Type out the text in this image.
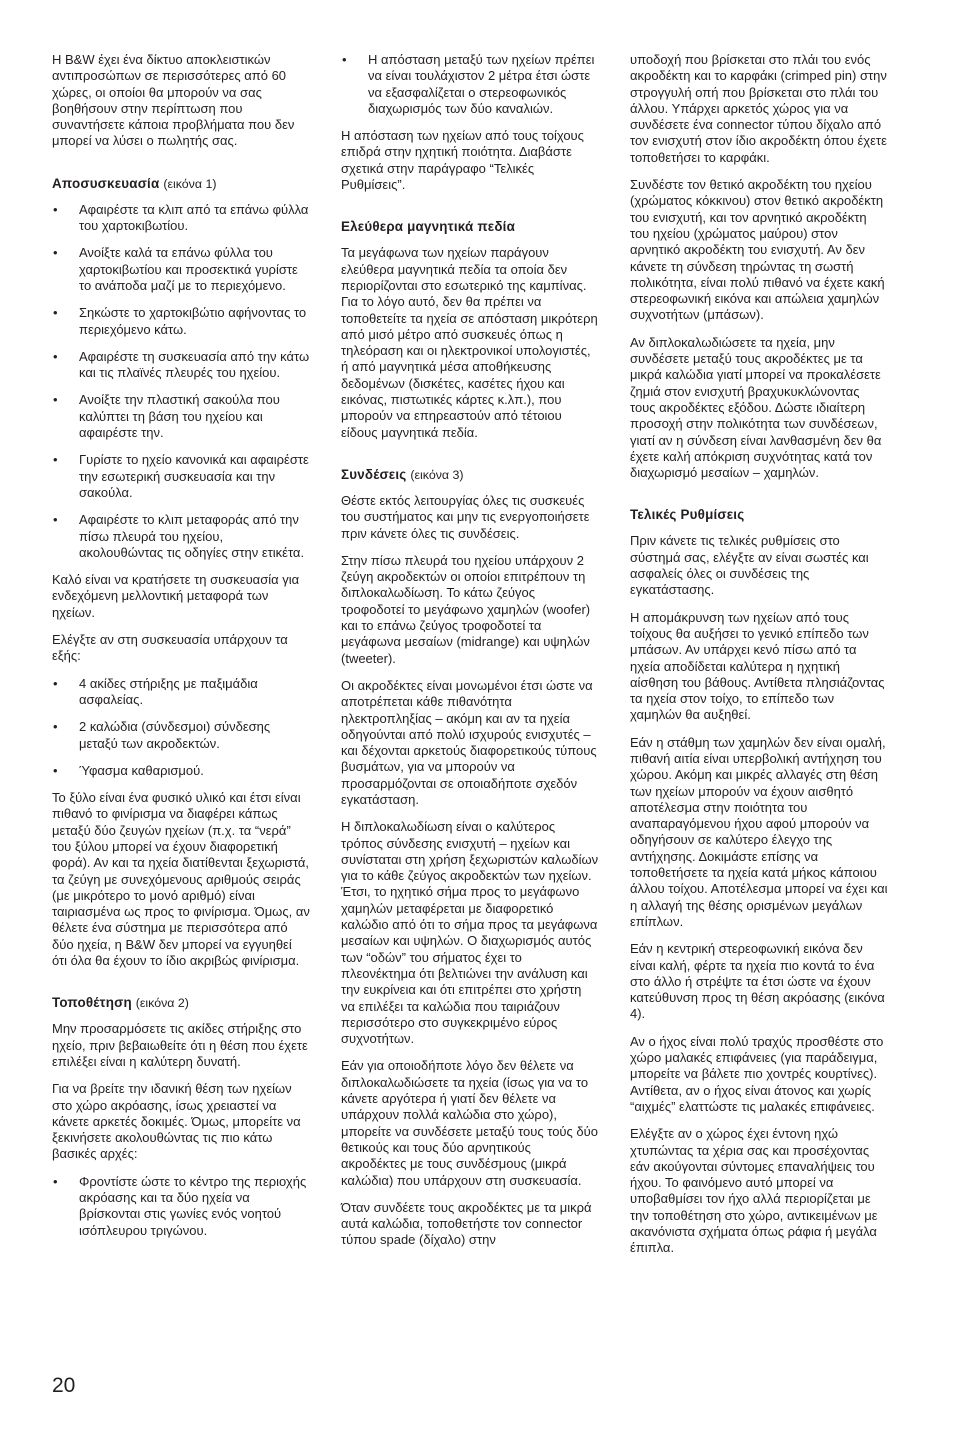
Η B&W έχει ένα δίκτυο αποκλειστικών αντιπροσώπων σε περισσότερες από 60 χώρες, οι οποίοι θα μπορούν να σας βοηθήσουν στην περίπτωση που συναντήσετε κάποια προβλήματα που δεν μπορεί να λύσει ο πωλητής σας.

Αποσυσκευασία (εικόνα 1)
• Αφαιρέστε τα κλιπ από τα επάνω φύλλα του χαρτοκιβωτίου.
• Ανοίξτε καλά τα επάνω φύλλα του χαρτοκιβωτίου και προσεκτικά γυρίστε το ανάποδα μαζί με το περιεχόμενο.
• Σηκώστε το χαρτοκιβώτιο αφήνοντας το περιεχόμενο κάτω.
• Αφαιρέστε τη συσκευασία από την κάτω και τις πλαϊνές πλευρές του ηχείου.
• Ανοίξτε την πλαστική σακούλα που καλύπτει τη βάση του ηχείου και αφαιρέστε την.
• Γυρίστε το ηχείο κανονικά και αφαιρέστε την εσωτερική συσκευασία και την σακούλα.
• Αφαιρέστε το κλιπ μεταφοράς από την πίσω πλευρά του ηχείου, ακολουθώντας τις οδηγίες στην ετικέτα.

Καλό είναι να κρατήσετε τη συσκευασία για ενδεχόμενη μελλοντική μεταφορά των ηχείων.

Ελέγξτε αν στη συσκευασία υπάρχουν τα εξής:

• 4 ακίδες στήριξης με παξιμάδια ασφαλείας.
• 2 καλώδια (σύνδεσμοι) σύνδεσης μεταξύ των ακροδεκτών.
• Ύφασμα καθαρισμού.

Το ξύλο είναι ένα φυσικό υλικό και έτσι είναι πιθανό το φινίρισμα να διαφέρει κάπως μεταξύ δύο ζευγών ηχείων (π.χ. τα “νερά” του ξύλου μπορεί να έχουν διαφορετική φορά). Αν και τα ηχεία διατίθενται ξεχωριστά, τα ζεύγη με συνεχόμενους αριθμούς σειράς (με μικρότερο το μονό αριθμό) είναι ταιριασμένα ως προς το φινίρισμα. Όμως, αν θέλετε ένα σύστημα με περισσότερα από δύο ηχεία, η B&W δεν μπορεί να εγγυηθεί ότι όλα θα έχουν το ίδιο ακριβώς φινίρισμα.

Τοποθέτηση (εικόνα 2)

Μην προσαρμόσετε τις ακίδες στήριξης στο ηχείο, πριν βεβαιωθείτε ότι η θέση που έχετε επιλέξει είναι η καλύτερη δυνατή.

Για να βρείτε την ιδανική θέση των ηχείων στο χώρο ακρόασης, ίσως χρειαστεί να κάνετε αρκετές δοκιμές. Όμως, μπορείτε να ξεκινήσετε ακολουθώντας τις πιο κάτω βασικές αρχές:

• Φροντίστε ώστε το κέντρο της περιοχής ακρόασης και τα δύο ηχεία να βρίσκονται στις γωνίες ενός νοητού ισόπλευρου τριγώνου.
• Η απόσταση μεταξύ των ηχείων πρέπει να είναι τουλάχιστον 2 μέτρα έτσι ώστε να εξασφαλίζεται ο στερεοφωνικός διαχωρισμός των δύο καναλιών.

Η απόσταση των ηχείων από τους τοίχους επιδρά στην ηχητική ποιότητα. Διαβάστε σχετικά στην παράγραφο “Τελικές Ρυθμίσεις”.

Ελεύθερα μαγνητικά πεδία

Τα μεγάφωνα των ηχείων παράγουν ελεύθερα μαγνητικά πεδία τα οποία δεν περιορίζονται στο εσωτερικό της καμπίνας. Για το λόγο αυτό, δεν θα πρέπει να τοποθετείτε τα ηχεία σε απόσταση μικρότερη από μισό μέτρο από συσκευές όπως η τηλεόραση και οι ηλεκτρονικοί υπολογιστές, ή από μαγνητικά μέσα αποθήκευσης δεδομένων (δισκέτες, κασέτες ήχου και εικόνας, πιστωτικές κάρτες κ.λπ.), που μπορούν να επηρεαστούν από τέτοιου είδους μαγνητικά πεδία.

Συνδέσεις (εικόνα 3)

Θέστε εκτός λειτουργίας όλες τις συσκευές του συστήματος και μην τις ενεργοποιήσετε πριν κάνετε όλες τις συνδέσεις.

Στην πίσω πλευρά του ηχείου υπάρχουν 2 ζεύγη ακροδεκτών οι οποίοι επιτρέπουν τη διπλοκαλωδίωση. Το κάτω ζεύγος τροφοδοτεί το μεγάφωνο χαμηλών (woofer) και το επάνω ζεύγος τροφοδοτεί τα μεγάφωνα μεσαίων (midrange) και υψηλών (tweeter).

Οι ακροδέκτες είναι μονωμένοι έτσι ώστε να αποτρέπεται κάθε πιθανότητα ηλεκτροπληξίας – ακόμη και αν τα ηχεία οδηγούνται από πολύ ισχυρούς ενισχυτές – και δέχονται αρκετούς διαφορετικούς τύπους βυσμάτων, για να μπορούν να προσαρμόζονται σε οποιαδήποτε σχεδόν εγκατάσταση.

Η διπλοκαλωδίωση είναι ο καλύτερος τρόπος σύνδεσης ενισχυτή – ηχείων και συνίσταται στη χρήση ξεχωριστών καλωδίων για το κάθε ζεύγος ακροδεκτών των ηχείων. Έτσι, το ηχητικό σήμα προς το μεγάφωνο χαμηλών μεταφέρεται με διαφορετικό καλώδιο από ότι το σήμα προς τα μεγάφωνα μεσαίων και υψηλών. Ο διαχωρισμός αυτός των “οδών” του σήματος έχει το πλεονέκτημα ότι βελτιώνει την ανάλυση και την ευκρίνεια και ότι επιτρέπει στο χρήστη να επιλέξει τα καλώδια που ταιριάζουν περισσότερο στο συγκεκριμένο εύρος συχνοτήτων.

Εάν για οποιοδήποτε λόγο δεν θέλετε να διπλοκαλωδιώσετε τα ηχεία (ίσως για να το κάνετε αργότερα ή γιατί δεν θέλετε να υπάρχουν πολλά καλώδια στο χώρο), μπορείτε να συνδέσετε μεταξύ τους τούς δύο θετικούς και τους δύο αρνητικούς ακροδέκτες με τους συνδέσμους (μικρά καλώδια) που υπάρχουν στη συσκευασία.

Όταν συνδέετε τους ακροδέκτες με τα μικρά αυτά καλώδια, τοποθετήστε τον connector τύπου spade (δίχαλο) στην

υποδοχή που βρίσκεται στο πλάι του ενός ακροδέκτη και το καρφάκι (crimped pin) στην στρογγυλή οπή που βρίσκεται στο πλάι του άλλου. Υπάρχει αρκετός χώρος για να συνδέσετε ένα connector τύπου δίχαλο από τον ενισχυτή στον ίδιο ακροδέκτη όπου έχετε τοποθετήσει το καρφάκι.

Συνδέστε τον θετικό ακροδέκτη του ηχείου (χρώματος κόκκινου) στον θετικό ακροδέκτη του ενισχυτή, και τον αρνητικό ακροδέκτη του ηχείου (χρώματος μαύρου) στον αρνητικό ακροδέκτη του ενισχυτή. Αν δεν κάνετε τη σύνδεση τηρώντας τη σωστή πολικότητα, είναι πολύ πιθανό να έχετε κακή στερεοφωνική εικόνα και απώλεια χαμηλών συχνοτήτων (μπάσων).

Αν διπλοκαλωδιώσετε τα ηχεία, μην συνδέσετε μεταξύ τους ακροδέκτες με τα μικρά καλώδια γιατί μπορεί να προκαλέσετε ζημιά στον ενισχυτή βραχυκυκλώνοντας τους ακροδέκτες εξόδου. Δώστε ιδιαίτερη προσοχή στην πολικότητα των συνδέσεων, γιατί αν η σύνδεση είναι λανθασμένη δεν θα έχετε καλή απόκριση συχνότητας κατά τον διαχωρισμό μεσαίων – χαμηλών.

Τελικές Ρυθμίσεις

Πριν κάνετε τις τελικές ρυθμίσεις στο σύστημά σας, ελέγξτε αν είναι σωστές και ασφαλείς όλες οι συνδέσεις της εγκατάστασης.

Η απομάκρυνση των ηχείων από τους τοίχους θα αυξήσει το γενικό επίπεδο των μπάσων. Αν υπάρχει κενό πίσω από τα ηχεία αποδίδεται καλύτερα η ηχητική αίσθηση του βάθους. Αντίθετα πλησιάζοντας τα ηχεία στον τοίχο, το επίπεδο των χαμηλών θα αυξηθεί.

Εάν η στάθμη των χαμηλών δεν είναι ομαλή, πιθανή αιτία είναι υπερβολική αντήχηση του χώρου. Ακόμη και μικρές αλλαγές στη θέση των ηχείων μπορούν να έχουν αισθητό αποτέλεσμα στην ποιότητα του αναπαραγόμενου ήχου αφού μπορούν να οδηγήσουν σε καλύτερο έλεγχο της αντήχησης. Δοκιμάστε επίσης να τοποθετήσετε τα ηχεία κατά μήκος κάποιου άλλου τοίχου. Αποτέλεσμα μπορεί να έχει και η αλλαγή της θέσης ορισμένων μεγάλων επίπλων.

Εάν η κεντρική στερεοφωνική εικόνα δεν είναι καλή, φέρτε τα ηχεία πιο κοντά το ένα στο άλλο ή στρέψτε τα έτσι ώστε να έχουν κατεύθυνση προς τη θέση ακρόασης (εικόνα 4).

Αν ο ήχος είναι πολύ τραχύς προσθέστε στο χώρο μαλακές επιφάνειες (για παράδειγμα, μπορείτε να βάλετε πιο χοντρές κουρτίνες). Αντίθετα, αν ο ήχος είναι άτονος και χωρίς “αιχμές” ελαττώστε τις μαλακές επιφάνειες.

Ελέγξτε αν ο χώρος έχει έντονη ηχώ χτυπώντας τα χέρια σας και προσέχοντας εάν ακούγονται σύντομες επαναλήψεις του ήχου. Το φαινόμενο αυτό μπορεί να υποβαθμίσει τον ήχο αλλά περιορίζεται με την τοποθέτηση στο χώρο, αντικειμένων με ακανόνιστα σχήματα όπως ράφια ή μεγάλα έπιπλα.

20
